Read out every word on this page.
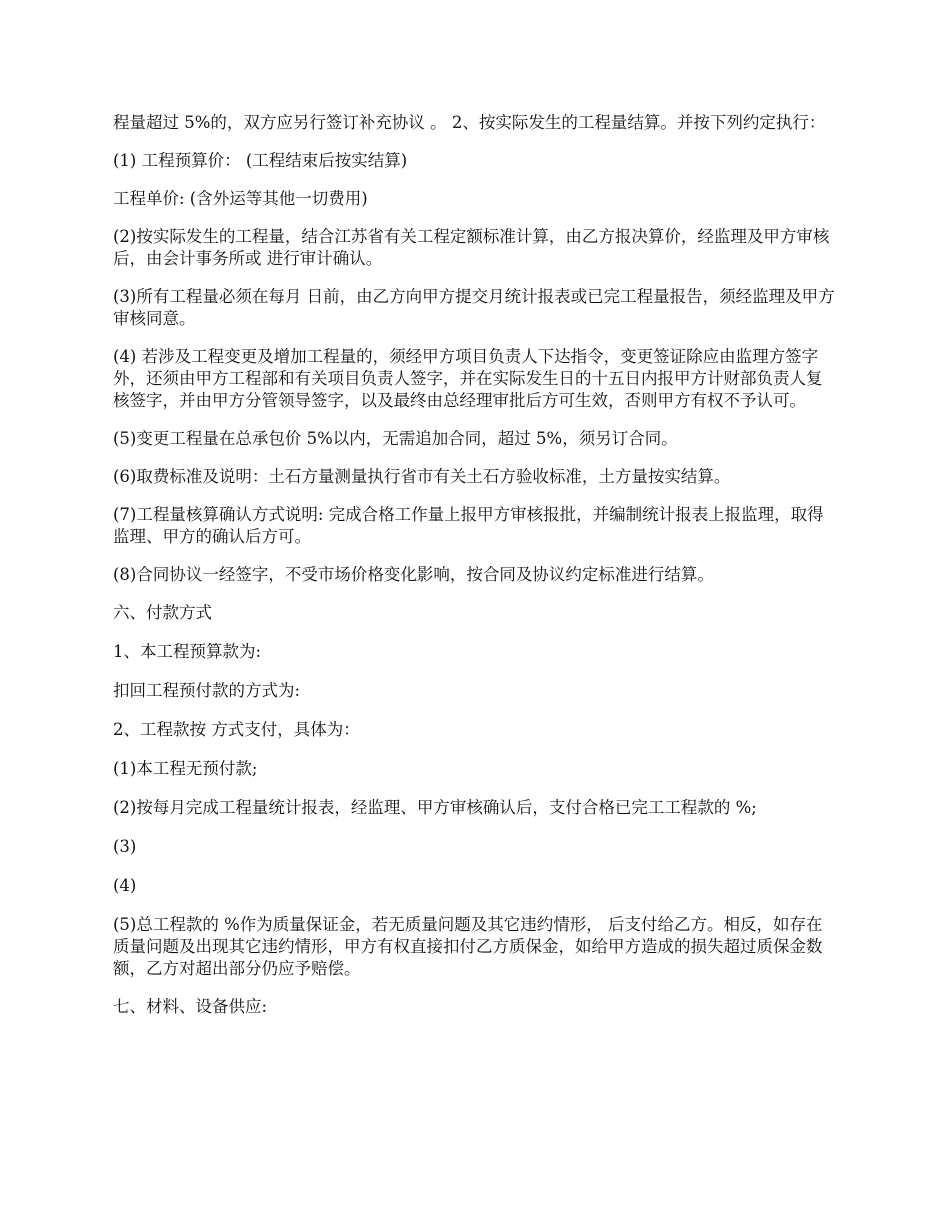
程量超过 5%的，双方应另行签订补充协议 。 2、按实际发生的工程量结算。并按下列约定执行：

(1) 工程预算价： (工程结束后按实结算)

工程单价: (含外运等其他一切费用)

(2)按实际发生的工程量，结合江苏省有关工程定额标准计算，由乙方报决算价，经监理及甲方审核后，由会计事务所或 进行审计确认。

(3)所有工程量必须在每月 日前，由乙方向甲方提交月统计报表或已完工程量报告，须经监理及甲方审核同意。

(4) 若涉及工程变更及增加工程量的，须经甲方项目负责人下达指令，变更签证除应由监理方签字外，还须由甲方工程部和有关项目负责人签字，并在实际发生日的十五日内报甲方计财部负责人复核签字，并由甲方分管领导签字，以及最终由总经理审批后方可生效，否则甲方有权不予认可。

(5)变更工程量在总承包价 5%以内，无需追加合同，超过 5%，须另订合同。

(6)取费标准及说明：土石方量测量执行省市有关土石方验收标准，土方量按实结算。

(7)工程量核算确认方式说明: 完成合格工作量上报甲方审核报批，并编制统计报表上报监理，取得监理、甲方的确认后方可。

(8)合同协议一经签字，不受市场价格变化影响，按合同及协议约定标准进行结算。

六、付款方式

1、本工程预算款为:

扣回工程预付款的方式为:

2、工程款按 方式支付，具体为：

(1)本工程无预付款;

(2)按每月完成工程量统计报表，经监理、甲方审核确认后，支付合格已完工工程款的 %;

(3)

(4)

(5)总工程款的 %作为质量保证金，若无质量问题及其它违约情形， 后支付给乙方。相反，如存在质量问题及出现其它违约情形，甲方有权直接扣付乙方质保金，如给甲方造成的损失超过质保金数额，乙方对超出部分仍应予赔偿。

七、材料、设备供应:
